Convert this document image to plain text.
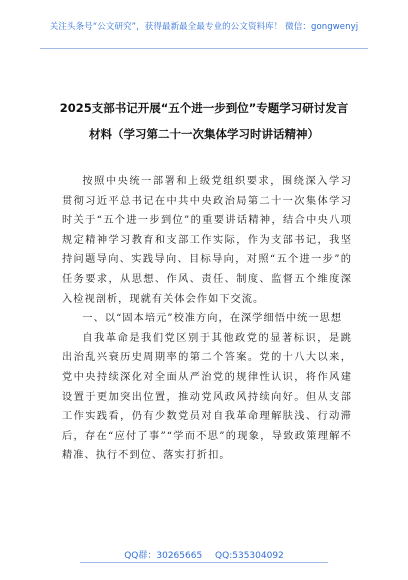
关注头条号“公文研究”，获得最新最全最专业的公文资料库！ 微信：gongwenyj
2025支部书记开展“五个进一步到位”专题学习研讨发言
材料（学习第二十一次集体学习时讲话精神）

按照中央统一部署和上级党组织要求，围绕深入学习贯彻习近平总书记在中共中央政治局第二十一次集体学习时关于“五个进一步到位”的重要讲话精神，结合中央八项规定精神学习教育和支部工作实际，作为支部书记，我坚持问题导向、实践导向、目标导向，对照“五个进一步”的任务要求，从思想、作风、责任、制度、监督五个维度深入检视剖析，现就有关体会作如下交流。

一、以“固本培元”校准方向，在深学细悟中统一思想

自我革命是我们党区别于其他政党的显著标识，是跳出治乱兴衰历史周期率的第二个答案。党的十八大以来，党中央持续深化对全面从严治党的规律性认识，将作风建设置于更加突出位置，推动党风政风持续向好。但从支部工作实践看，仍有少数党员对自我革命理解肤浅、行动滞后，存在“应付了事”“学而不思”的现象，导致政策理解不精准、执行不到位、落实打折扣。

QQ群：30265665 QQ:535304092
